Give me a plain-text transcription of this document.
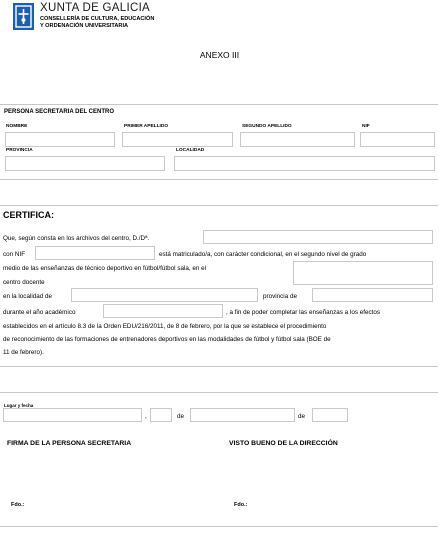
XUNTA DE GALICIA
CONSELLERÍA DE CULTURA, EDUCACIÓN
Y ORDENACIÓN UNIVERSITARIA
ANEXO III
PERSONA SECRETARIA DEL CENTRO
NOMBRE	PRIMER APELLIDO	SEGUNDO APELLIDO	NIF
PROVINCIA	LOCALIDAD
CERTIFICA:
Que, según consta en los archivos del centro, D./Dª.
con NIF	está matriculado/a, con carácter condicional, en el segundo nivel de grado
medio de las enseñanzas de técnico deportivo en fútbol/fútbol sala, en el
centro docente
en la localidad de	provincia de
durante el año académico	, a fin de poder completar las enseñanzas a los efectos
establecidos en el artículo 8.3 de la Orden EDU/216/2011, de 8 de febrero, por la que se establece el procedimiento
de reconocimiento de las formaciones de entrenadores deportivos en las modalidades de fútbol y fútbol sala (BOE de
11 de febrero).
Lugar y fecha
,	de	de
FIRMA DE LA PERSONA SECRETARIA	VISTO BUENO DE LA DIRECCIÓN
Fdo.:	Fdo.:
